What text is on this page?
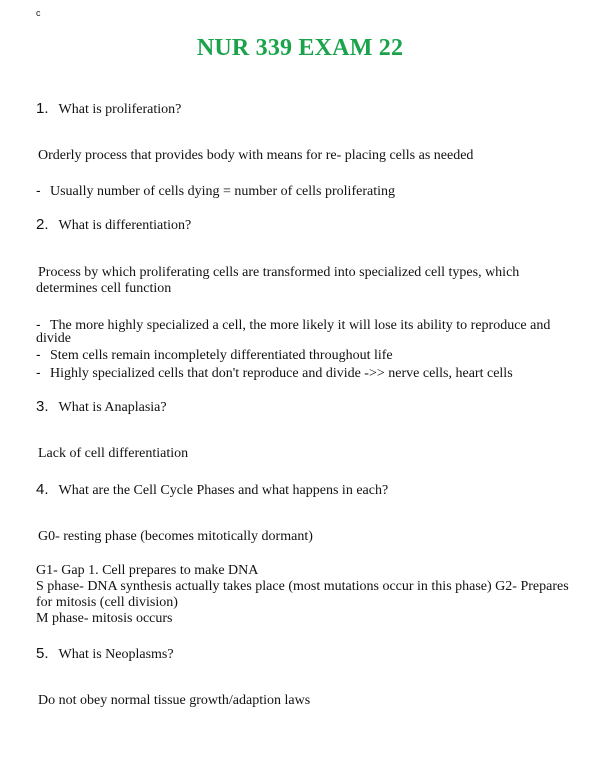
c
NUR 339 EXAM 22
1. What is proliferation?
Orderly process that provides body with means for re- placing cells as needed
- Usually number of cells dying = number of cells proliferating
2. What is differentiation?
Process by which proliferating cells are transformed into specialized cell types, which
determines cell function
- The more highly specialized a cell, the more likely it will lose its ability to reproduce and
divide
- Stem cells remain incompletely differentiated throughout life
- Highly specialized cells that don't reproduce and divide ->> nerve cells, heart cells
3. What is Anaplasia?
Lack of cell differentiation
4. What are the Cell Cycle Phases and what happens in each?
G0- resting phase (becomes mitotically dormant)
G1- Gap 1. Cell prepares to make DNA
S phase- DNA synthesis actually takes place (most mutations occur in this phase) G2- Prepares
for mitosis (cell division)
M phase- mitosis occurs
5. What is Neoplasms?
Do not obey normal tissue growth/adaption laws
